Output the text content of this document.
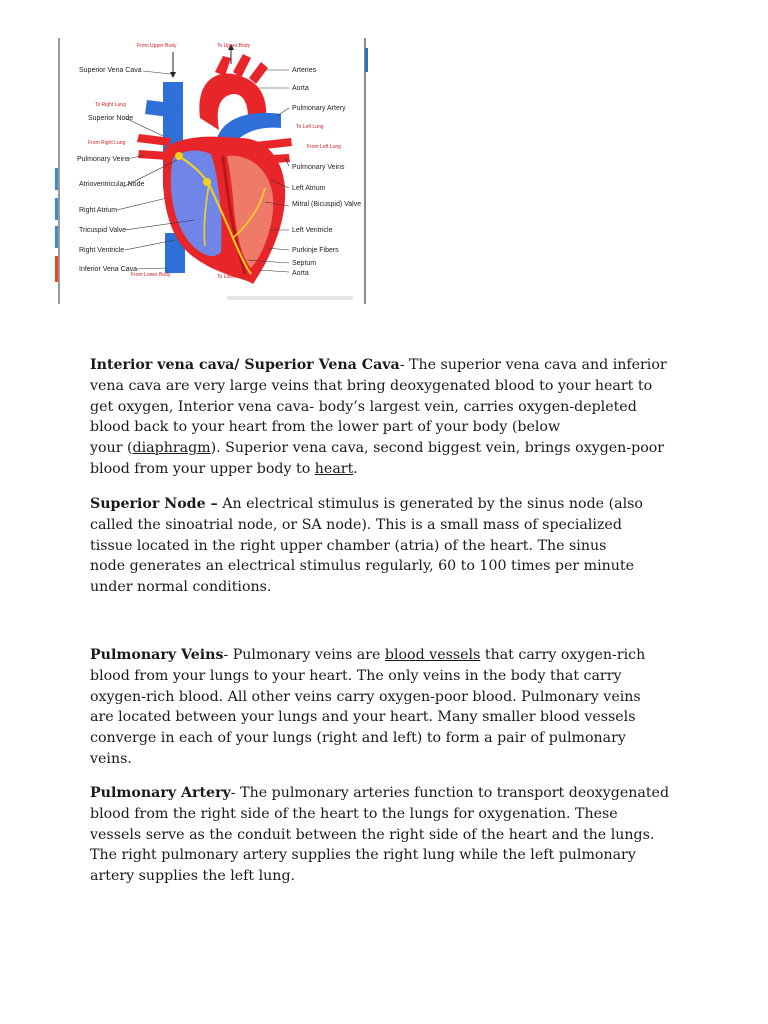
Superior Vena Cava
Superior Node
Pulmonary Veins
Atrioventricular Node
Right Atrium
Tricuspid Valve
Right Ventricle
Inferior Vena Cava
Arteries
Aorta
Pulmonary Artery
Pulmonary Veins
Left Atrium
Mitral (Bicuspid) Valve
Left Ventricle
Purkinje Fibers
Septum
Aorta
From Upper Body	To Upper Body
To Right Lung
From Right Lung
To Left Lung
From Left Lung
From Lower Body	To Lower Body

Interior vena cava/ Superior Vena Cava- The superior vena cava and inferior
vena cava are very large veins that bring deoxygenated blood to your heart to
get oxygen, Interior vena cava- body’s largest vein, carries oxygen-depleted
blood back to your heart from the lower part of your body (below
your (diaphragm). Superior vena cava, second biggest vein, brings oxygen-poor
blood from your upper body to heart.

Superior Node – An electrical stimulus is generated by the sinus node (also
called the sinoatrial node, or SA node). This is a small mass of specialized
tissue located in the right upper chamber (atria) of the heart. The sinus
node generates an electrical stimulus regularly, 60 to 100 times per minute
under normal conditions.

Pulmonary Veins- Pulmonary veins are blood vessels that carry oxygen-rich
blood from your lungs to your heart. The only veins in the body that carry
oxygen-rich blood. All other veins carry oxygen-poor blood. Pulmonary veins
are located between your lungs and your heart. Many smaller blood vessels
converge in each of your lungs (right and left) to form a pair of pulmonary
veins.

Pulmonary Artery- The pulmonary arteries function to transport deoxygenated
blood from the right side of the heart to the lungs for oxygenation. These
vessels serve as the conduit between the right side of the heart and the lungs.
The right pulmonary artery supplies the right lung while the left pulmonary
artery supplies the left lung.
